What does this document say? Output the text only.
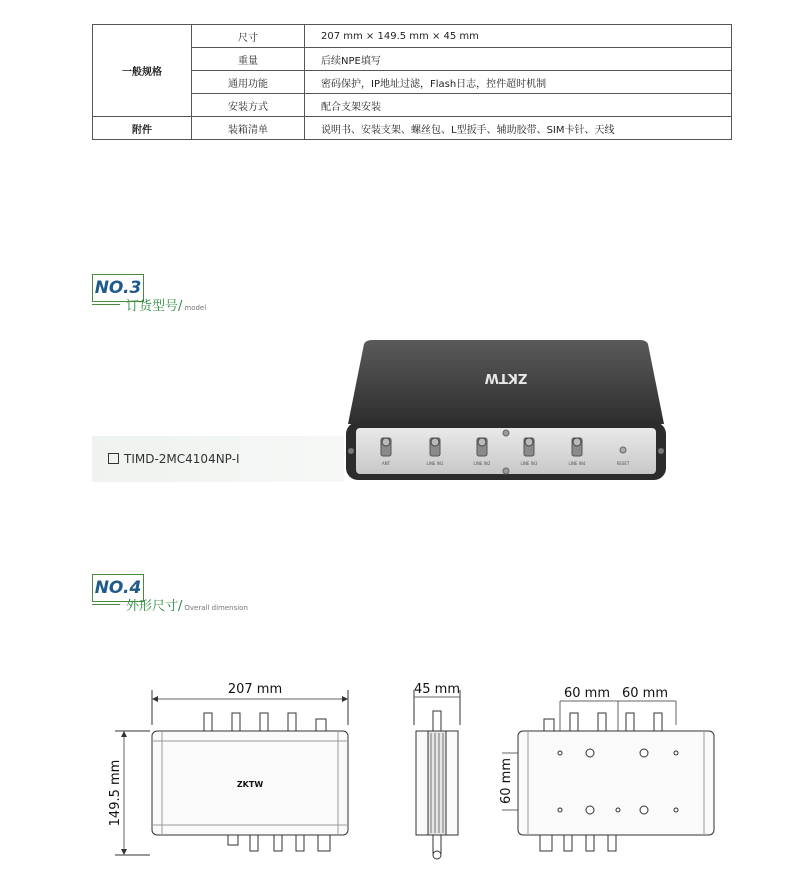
一般规格	尺寸	207 mm × 149.5 mm × 45 mm
	重量	后续NPE填写
	通用功能	密码保护，IP地址过滤，Flash日志，控件超时机制
	安装方式	配合支架安装
附件	装箱清单	说明书、安装支架、螺丝包、L型扳手、辅助胶带、SIM卡针、天线
NO.3
订货型号/ model
TIMD-2MC4104NP-I
ZKTW
ANT	LINE IN1	LINE IN2	LINE IN3	LINE IN4	RESET
NO.4
外形尺寸/ Overall dimension
207 mm
149.5 mm	ZKTW
45 mm	60 mm 60 mm
60 mm
